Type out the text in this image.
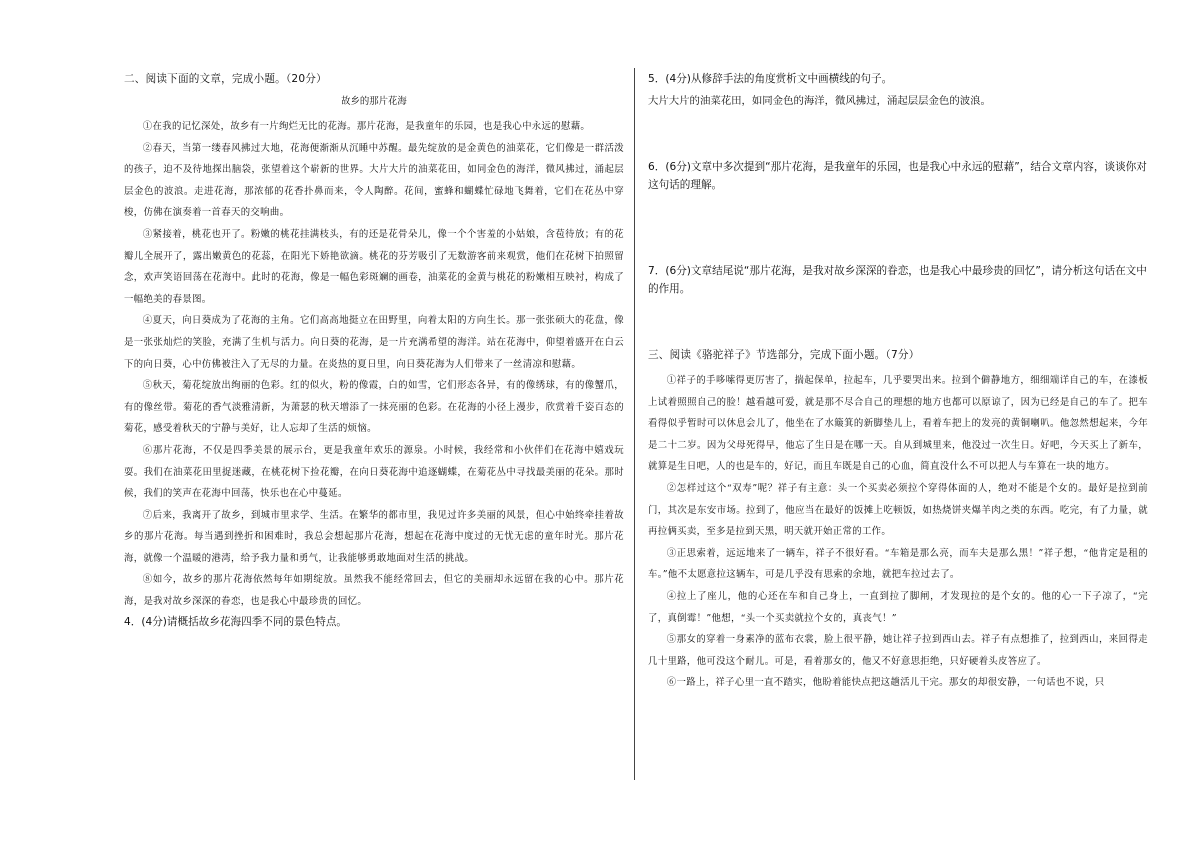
二、阅读下面的文章，完成小题。（20分）

故乡的那片花海

①在我的记忆深处，故乡有一片绚烂无比的花海。那片花海，是我童年的乐园，也是我心中永远的慰藉。

②春天，当第一缕春风拂过大地，花海便渐渐从沉睡中苏醒。最先绽放的是金黄色的油菜花，它们像是一群活泼的孩子，迫不及待地探出脑袋，张望着这个崭新的世界。大片大片的油菜花田，如同金色的海洋，微风拂过，涌起层层金色的波浪。走进花海，那浓郁的花香扑鼻而来，令人陶醉。花间，蜜蜂和蝴蝶忙碌地飞舞着，它们在花丛中穿梭，仿佛在演奏着一首春天的交响曲。

③紧接着，桃花也开了。粉嫩的桃花挂满枝头，有的还是花骨朵儿，像一个个害羞的小姑娘，含苞待放；有的花瓣儿全展开了，露出嫩黄色的花蕊，在阳光下娇艳欲滴。桃花的芬芳吸引了无数游客前来观赏，他们在花树下拍照留念，欢声笑语回荡在花海中。此时的花海，像是一幅色彩斑斓的画卷，油菜花的金黄与桃花的粉嫩相互映衬，构成了一幅绝美的春景图。

④夏天，向日葵成为了花海的主角。它们高高地挺立在田野里，向着太阳的方向生长。那一张张硕大的花盘，像是一张张灿烂的笑脸，充满了生机与活力。向日葵的花海，是一片充满希望的海洋。站在花海中，仰望着盛开在白云下的向日葵，心中仿佛被注入了无尽的力量。在炎热的夏日里，向日葵花海为人们带来了一丝清凉和慰藉。

⑤秋天，菊花绽放出绚丽的色彩。红的似火，粉的像霞，白的如雪，它们形态各异，有的像绣球，有的像蟹爪，有的像丝带。菊花的香气淡雅清新，为萧瑟的秋天增添了一抹亮丽的色彩。在花海的小径上漫步，欣赏着千姿百态的菊花，感受着秋天的宁静与美好，让人忘却了生活的烦恼。

⑥那片花海，不仅是四季美景的展示台，更是我童年欢乐的源泉。小时候，我经常和小伙伴们在花海中嬉戏玩耍。我们在油菜花田里捉迷藏，在桃花树下捡花瓣，在向日葵花海中追逐蝴蝶，在菊花丛中寻找最美丽的花朵。那时候，我们的笑声在花海中回荡，快乐也在心中蔓延。

⑦后来，我离开了故乡，到城市里求学、生活。在繁华的都市里，我见过许多美丽的风景，但心中始终牵挂着故乡的那片花海。每当遇到挫折和困难时，我总会想起那片花海，想起在花海中度过的无忧无虑的童年时光。那片花海，就像一个温暖的港湾，给予我力量和勇气，让我能够勇敢地面对生活的挑战。

⑧如今，故乡的那片花海依然每年如期绽放。虽然我不能经常回去，但它的美丽却永远留在我的心中。那片花海，是我对故乡深深的眷恋，也是我心中最珍贵的回忆。

4．(4分)请概括故乡花海四季不同的景色特点。

5．(4分)从修辞手法的角度赏析文中画横线的句子。

大片大片的油菜花田，如同金色的海洋，微风拂过，涌起层层金色的波浪。

6．(6分)文章中多次提到“那片花海，是我童年的乐园，也是我心中永远的慰藉”，结合文章内容，谈谈你对这句话的理解。

7．(6分)文章结尾说“那片花海，是我对故乡深深的眷恋，也是我心中最珍贵的回忆”，请分析这句话在文中的作用。

三、阅读《骆驼祥子》节选部分，完成下面小题。（7分）

①祥子的手哆嗦得更厉害了，揣起保单，拉起车，几乎要哭出来。拉到个僻静地方，细细端详自己的车，在漆板上试着照照自己的脸！越看越可爱，就是那不尽合自己的理想的地方也都可以原谅了，因为已经是自己的车了。把车看得似乎暂时可以休息会儿了，他坐在了水簸箕的新脚垫儿上，看着车把上的发亮的黄铜喇叭。他忽然想起来，今年是二十二岁。因为父母死得早，他忘了生日是在哪一天。自从到城里来，他没过一次生日。好吧，今天买上了新车，就算是生日吧，人的也是车的，好记，而且车既是自己的心血，简直没什么不可以把人与车算在一块的地方。

②怎样过这个“双寿”呢？祥子有主意：头一个买卖必须拉个穿得体面的人，绝对不能是个女的。最好是拉到前门，其次是东安市场。拉到了，他应当在最好的饭摊上吃顿饭，如热烧饼夹爆羊肉之类的东西。吃完，有了力量，就再拉俩买卖，至多是拉到天黑，明天就开始正常的工作。

③正思索着，远远地来了一辆车，祥子不很好看。“车箱是那么亮，而车夫是那么黑！”祥子想，“他肯定是租的车。”他不太愿意拉这辆车，可是几乎没有思索的余地，就把车拉过去了。

④拉上了座儿，他的心还在车和自己身上，一直到拉了脚闸，才发现拉的是个女的。他的心一下子凉了，“完了，真倒霉！”他想，“头一个买卖就拉个女的，真丧气！”

⑤那女的穿着一身素净的蓝布衣裳，脸上很平静，她让祥子拉到西山去。祥子有点想推了，拉到西山，来回得走几十里路，他可没这个耐儿。可是，看着那女的，他又不好意思拒绝，只好硬着头皮答应了。

⑥一路上，祥子心里一直不踏实，他盼着能快点把这趟活儿干完。那女的却很安静，一句话也不说，只
